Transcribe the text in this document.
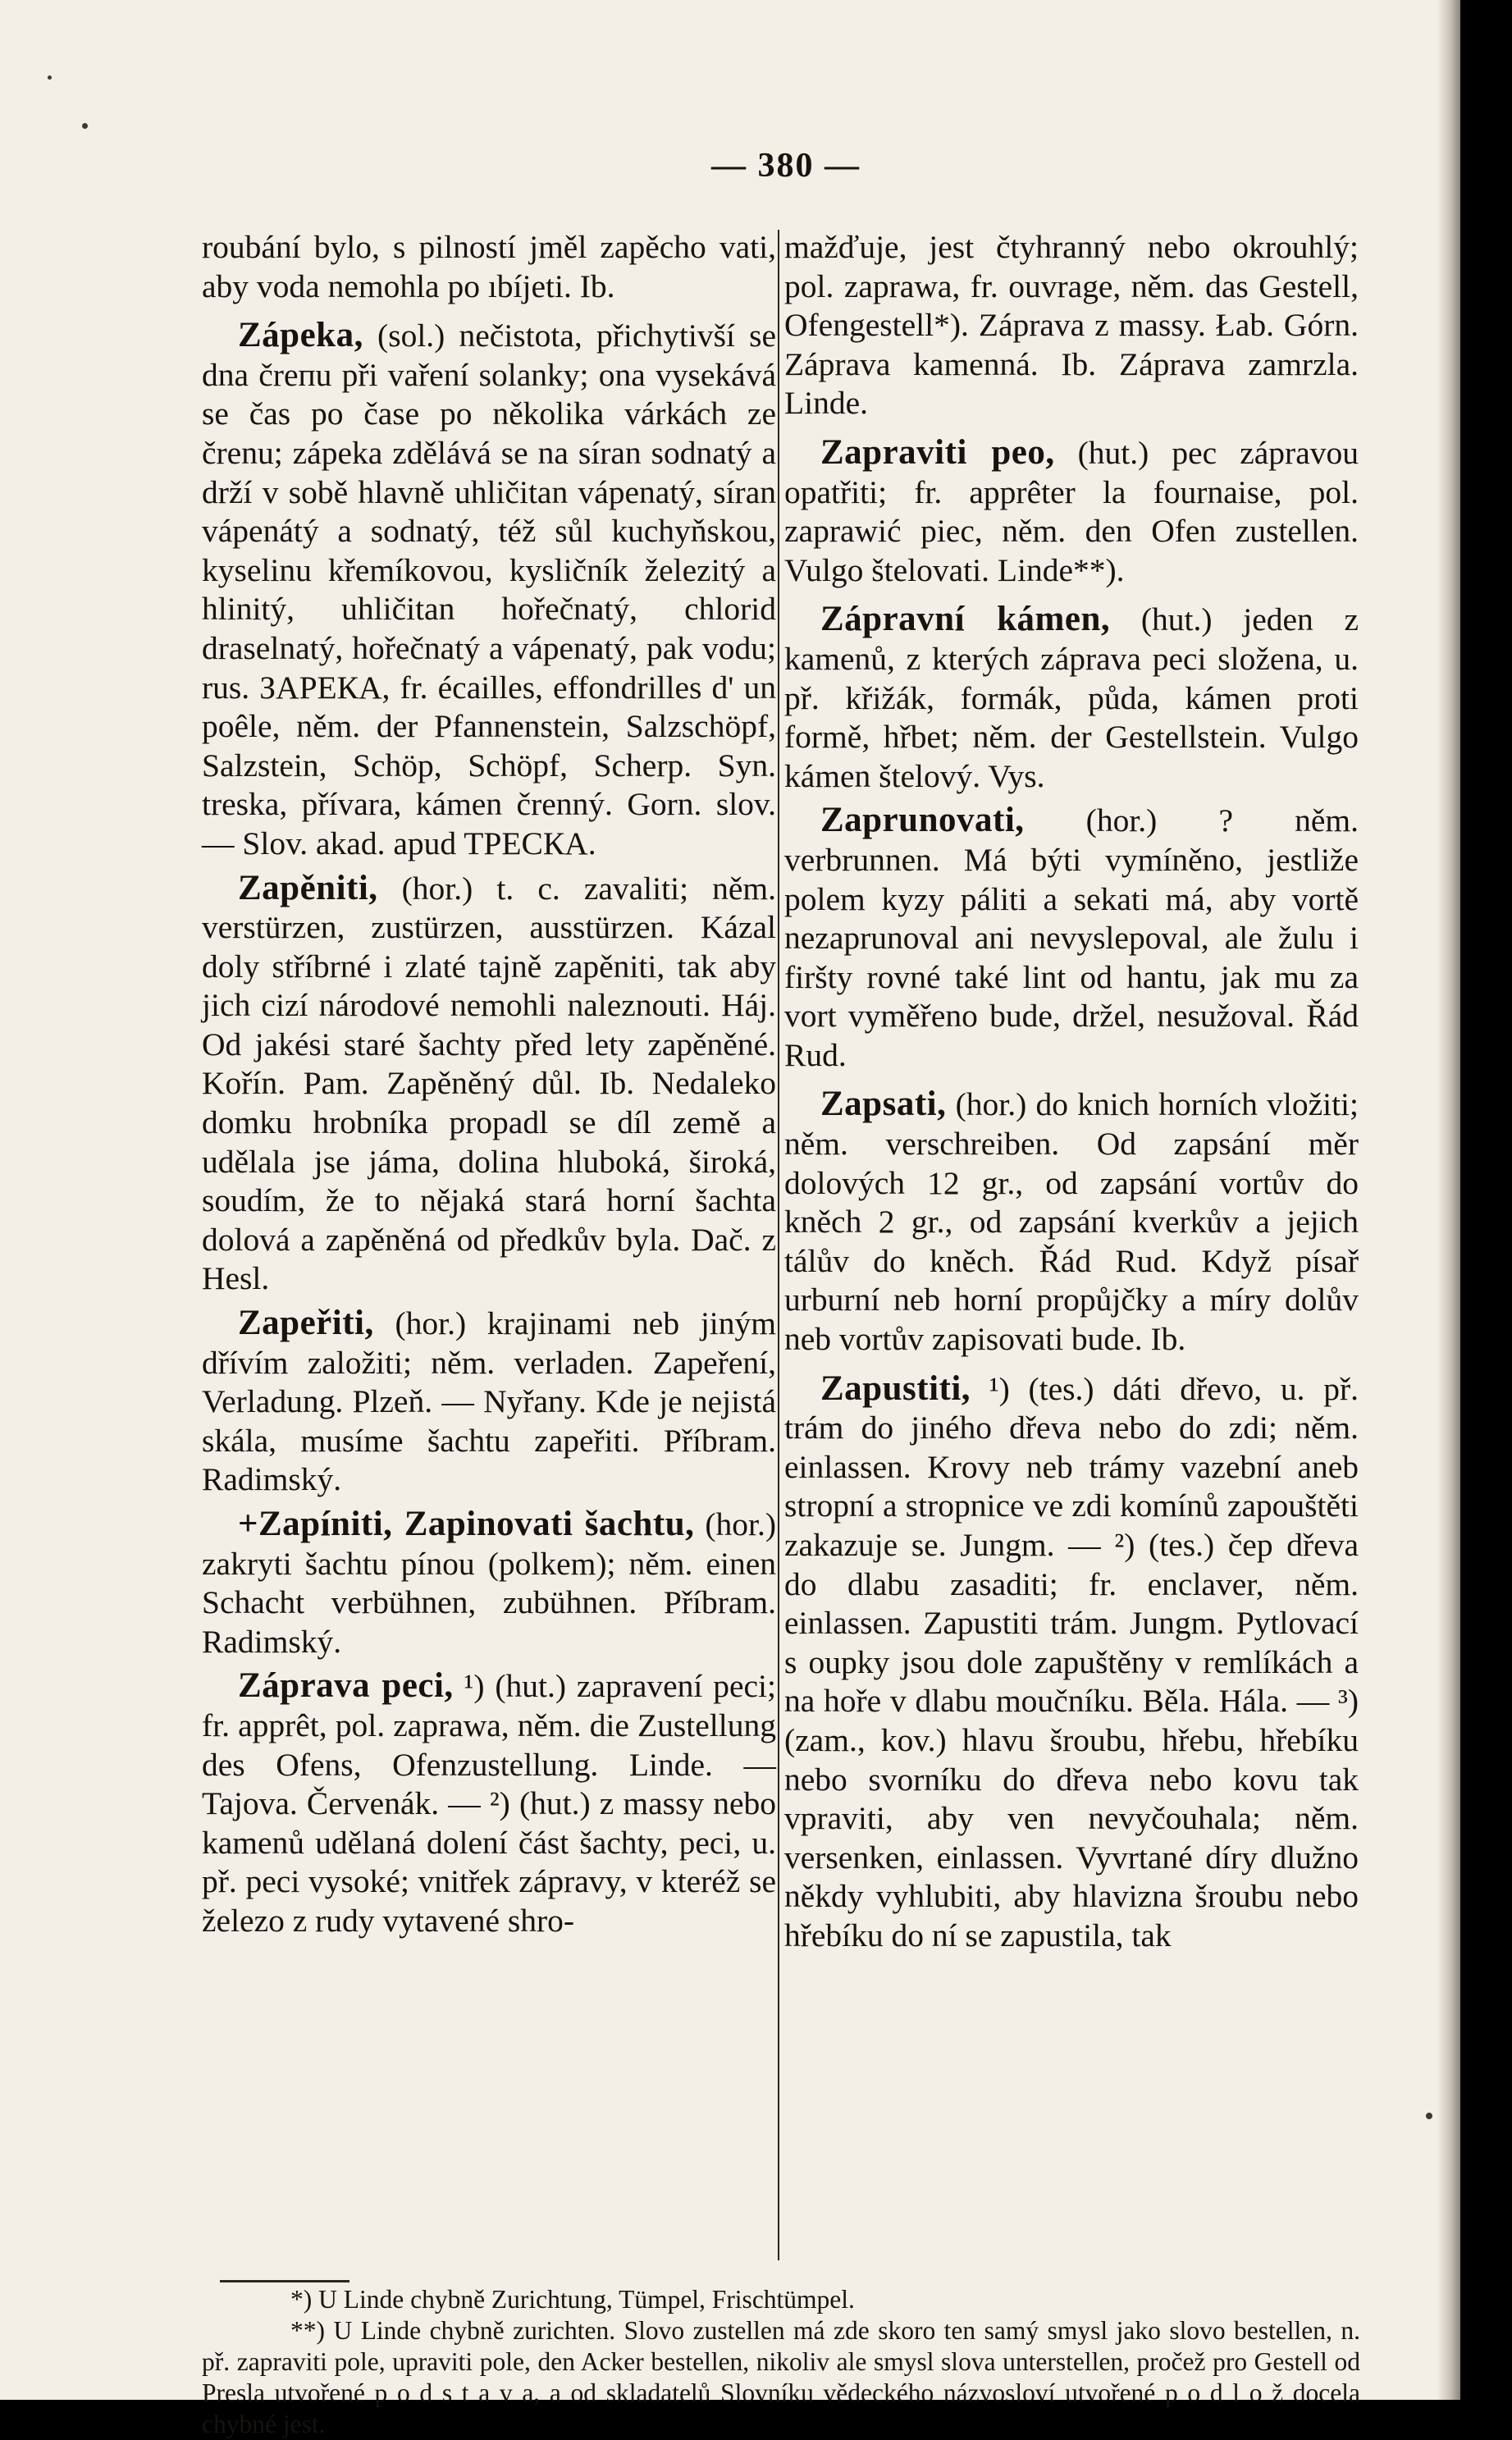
— 380 —

roubání bylo, s pilností jměl zapěcho vati, aby voda nemohla po ıbíjeti. Ib.

Zápeka, (sol.) nečistota, přichytivší se dna čreпu při vaření solanky; ona vysekává se čas po čase po několika várkách ze črenu; zápeka zdělává se na síran sodnatý a drží v sobě hlavně uhličitan vápenatý, síran vápenátý a sodnatý, též sůl kuchyňskou, kyselinu křemíkovou, kysličník železitý a hlinitý, uhličitan hořečnatý, chlorid draselnatý, hořečnatý a vápenatý, pak vodu; rus. ЗАРЕКА, fr. écailles, effondrilles d' un poêle, něm. der Pfannenstein, Salzschöpf, Salzstein, Schöp, Schöpf, Scherp. Syn. treska, přívara, kámen črenný. Gorn. slov. — Slov. akad. apud TРЕСКА.

Zapěniti, (hor.) t. c. zavaliti; něm. verstürzen, zustürzen, ausstürzen. Kázal doly stříbrné i zlaté tajně zapěniti, tak aby jich cizí národové nemohli naleznouti. Háj. Od jakési staré šachty před lety zapěněné. Kořín. Pam. Zapěněný důl. Ib. Nedaleko domku hrobníka propadl se díl země a udělala jse jáma, dolina hluboká, široká, soudím, že to nějaká stará horní šachta dolová a zapěněná od předkův byla. Dač. z Hesl.

Zapeřiti, (hor.) krajinami neb jiným dřívím založiti; něm. verladen. Zapeření, Verladung. Plzeň. — Nyřany. Kde je nejistá skála, musíme šachtu zapeřiti. Příbram. Radimský.

+Zapíniti, Zapinovati šachtu, (hor.) zakryti šachtu pínou (polkem); něm. einen Schacht verbühnen, zubühnen. Příbram. Radimský.

Záprava peci, ¹) (hut.) zapravení peci; fr. apprêt, pol. zaprawa, něm. die Zustellung des Ofens, Ofenzustellung. Linde. — Tajova. Červenák. — ²) (hut.) z massy nebo kamenů udělaná dolení část šachty, peci, u. př. peci vysoké; vnitřek zápravy, v kteréž se železo z rudy vytavené shro-

mažďuje, jest čtyhranný nebo okrouhlý; pol. zaprawa, fr. ouvrage, něm. das Gestell, Ofengestell*). Záprava z massy. Łab. Górn. Záprava kamenná. Ib. Záprava zamrzla. Linde.

Zapraviti peo, (hut.) pec zápravou opatřiti; fr. apprêter la fournaise, pol. zaprawić piec, něm. den Ofen zustellen. Vulgo štelovati. Linde**).

Zápravní kámen, (hut.) jeden z kamenů, z kterých záprava peci složena, u. př. křižák, formák, půda, kámen proti formě, hřbet; něm. der Gestellstein. Vulgo kámen štelový. Vys.

Zaprunovati, (hor.) ? něm. verbrunnen. Má býti vymíněno, jestliže polem kyzy páliti a sekati má, aby vortě nezaprunoval ani nevyslepoval, ale žulu i firšty rovné také lint od hantu, jak mu za vort vyměřeno bude, držel, nesužoval. Řád Rud.

Zapsati, (hor.) do knich horních vložiti; něm. verschreiben. Od zapsání měr dolových 12 gr., od zapsání vortův do kněch 2 gr., od zapsání kverkův a jejich tálův do kněch. Řád Rud. Když písař urburní neb horní propůjčky a míry dolův neb vortův zapisovati bude. Ib.

Zapustiti, ¹) (tes.) dáti dřevo, u. př. trám do jiného dřeva nebo do zdi; něm. einlassen. Krovy neb trámy vazební aneb stropní a stropnice ve zdi komínů zapouštěti zakazuje se. Jungm. — ²) (tes.) čep dřeva do dlabu zasaditi; fr. enclaver, něm. einlassen. Zapustiti trám. Jungm. Pytlovací s oupky jsou dole zapuštěny v remlíkách a na hoře v dlabu moučníku. Běla. Hála. — ³) (zam., kov.) hlavu šroubu, hřebu, hřebíku nebo svorníku do dřeva nebo kovu tak vpraviti, aby ven nevyčouhala; něm. versenken, einlassen. Vyvrtané díry dlužno někdy vyhlubiti, aby hlavizna šroubu nebo hřebíku do ní se zapustila, tak

*) U Linde chybně Zurichtung, Tümpel, Frischtümpel.

**) U Linde chybně zurichten. Slovo zustellen má zde skoro ten samý smysl jako slovo bestellen, n. př. zapraviti pole, upraviti pole, den Acker bestellen, nikoliv ale smysl slova unterstellen, pročež pro Gestell od Presla utvořené p o d s t a v a, a od skladatelů Slovníku vědeckého názvosloví utvořené p o d l o ž docela chybné jest.
